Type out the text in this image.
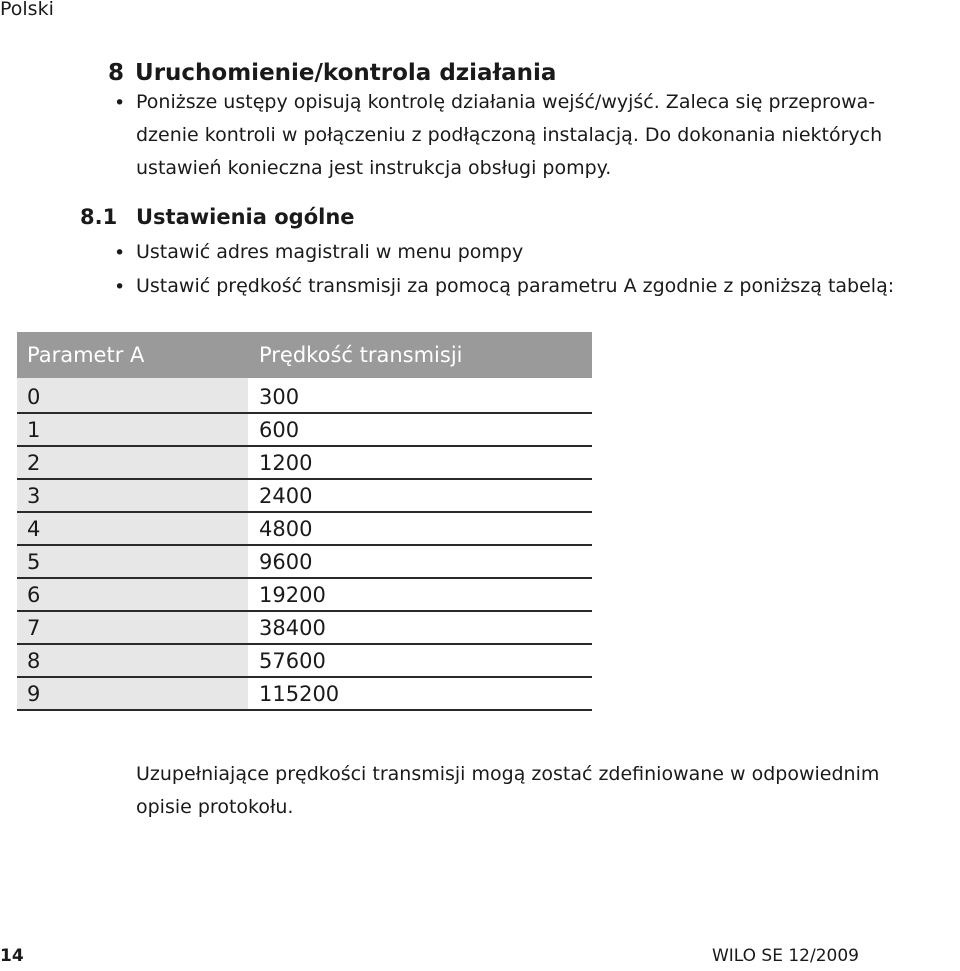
Polski
8 Uruchomienie/kontrola działania
• Poniższe ustępy opisują kontrolę działania wejść/wyjść. Zaleca się przeprowa-
dzenie kontroli w połączeniu z podłączoną instalacją. Do dokonania niektórych
ustawień konieczna jest instrukcja obsługi pompy.
8.1 Ustawienia ogólne
• Ustawić adres magistrali w menu pompy
• Ustawić prędkość transmisji za pomocą parametru A zgodnie z poniższą tabelą:
Parametr A	Prędkość transmisji
0	300
1	600
2	1200
3	2400
4	4800
5	9600
6	19200
7	38400
8	57600
9	115200
Uzupełniające prędkości transmisji mogą zostać zdefiniowane w odpowiednim
opisie protokołu.
14	WILO SE 12/2009
